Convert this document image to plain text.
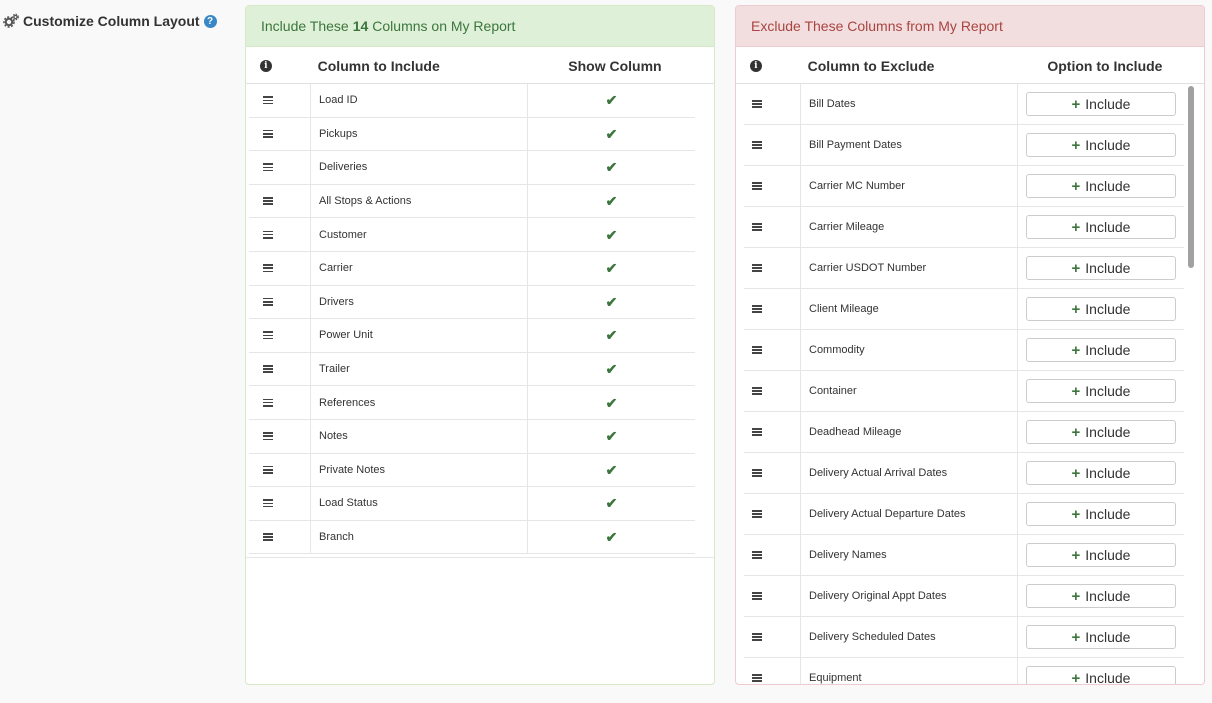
Customize Column Layout ?	Include These 14 Columns on My Report
i	Column to Include	Show Column
Load ID	✔
Pickups	✔
Deliveries	✔
All Stops & Actions	✔
Customer	✔
Carrier	✔
Drivers	✔
Power Unit	✔
Trailer	✔
References	✔
Notes	✔
Private Notes	✔
Load Status	✔
Branch	✔
Exclude These Columns from My Report
i	Column to Exclude	Option to Include
Bill Dates	+ Include
Bill Payment Dates	+ Include
Carrier MC Number	+ Include
Carrier Mileage	+ Include
Carrier USDOT Number	+ Include
Client Mileage	+ Include
Commodity	+ Include
Container	+ Include
Deadhead Mileage	+ Include
Delivery Actual Arrival Dates	+ Include
Delivery Actual Departure Dates	+ Include
Delivery Names	+ Include
Delivery Original Appt Dates	+ Include
Delivery Scheduled Dates	+ Include
Equipment	+ Include
